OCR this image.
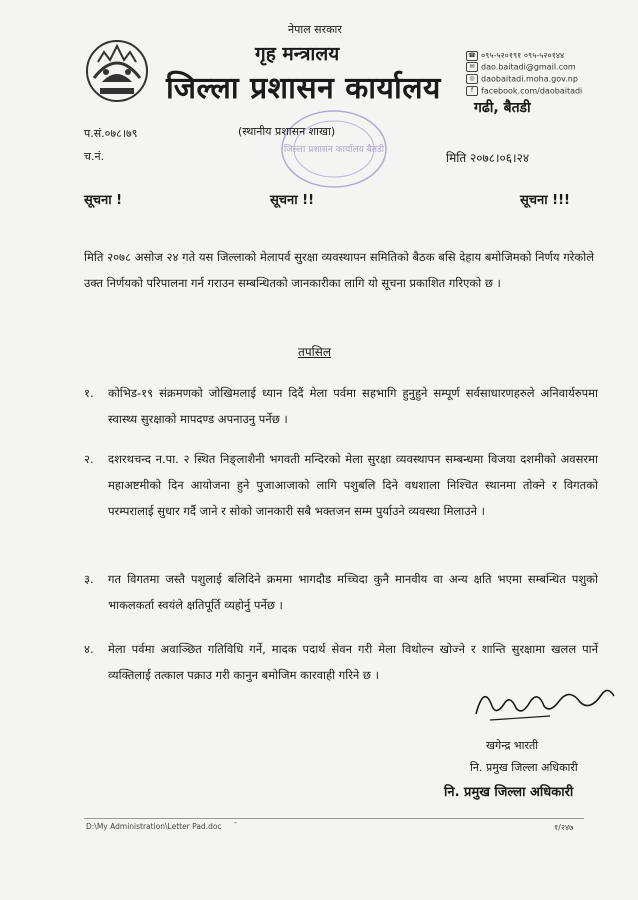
नेपाल सरकार
गृह मन्त्रालय
जिल्ला प्रशासन कार्यालय
☎ ०९५-५२०१९१ ०९५-५२०१४४
✉ dao.baitadi@gmail.com
◎ daobaitadi.moha.gov.np
f facebook.com/daobaitadi
गढी, बैतडी
जिल्ला प्रशासन कार्यालय बैतडी
प.सं.०७८।७९	(स्थानीय प्रशासन शाखा)
च.नं.	मिति २०७८।०६।२४
सूचना !	सूचना !!	सूचना !!!
मिति २०७८ असोज २४ गते यस जिल्लाको मेलापर्व सुरक्षा व्यवस्थापन समितिको बैठक बसि देहाय बमोजिमको निर्णय गरेकोले उक्त निर्णयको परिपालना गर्न गराउन सम्बन्धितको जानकारीका लागि यो सूचना प्रकाशित गरिएको छ ।
तपसिल
१. कोभिड-१९ संक्रमणको जोखिमलाई ध्यान दिदैं मेला पर्वमा सहभागि हुनुहुने सम्पूर्ण सर्वसाधारणहरुले अनिवार्यरुपमा स्वास्थ्य सुरक्षाको मापदण्ड अपनाउनु पर्नेछ ।
२. दशरथचन्द न.पा. २ स्थित निङ्लाशैनी भगवती मन्दिरको मेला सुरक्षा व्यवस्थापन सम्बन्धमा विजया दशमीको अवसरमा महाअष्टमीको दिन आयोजना हुने पुजाआजाको लागि पशुबलि दिने वधशाला निश्चित स्थानमा तोक्ने र विगतको परम्परालाई सुधार गर्दै जाने र सोको जानकारी सबै भक्तजन सम्म पुर्याउने व्यवस्था मिलाउने ।
३. गत विगतमा जस्तै पशुलाई बलिदिने क्रममा भागदौड मच्चिदा कुनै मानवीय वा अन्य क्षति भएमा सम्बन्धित पशुको भाकलकर्ता स्वयंले क्षतिपूर्ति व्यहोर्नु पर्नेछ ।
४. मेला पर्वमा अवाञ्छित गतिविधि गर्ने, मादक पदार्थ सेवन गरी मेला विथोल्न खोज्ने र शान्ति सुरक्षामा खलल पार्ने व्यक्तिलाई तत्काल पक्राउ गरी कानुन बमोजिम कारवाही गरिने छ ।
खगेन्द्र भारती
नि. प्रमुख जिल्ला अधिकारी
नि. प्रमुख जिल्ला अधिकारी
D:\My Administration\Letter Pad.doc -
१/२४७
